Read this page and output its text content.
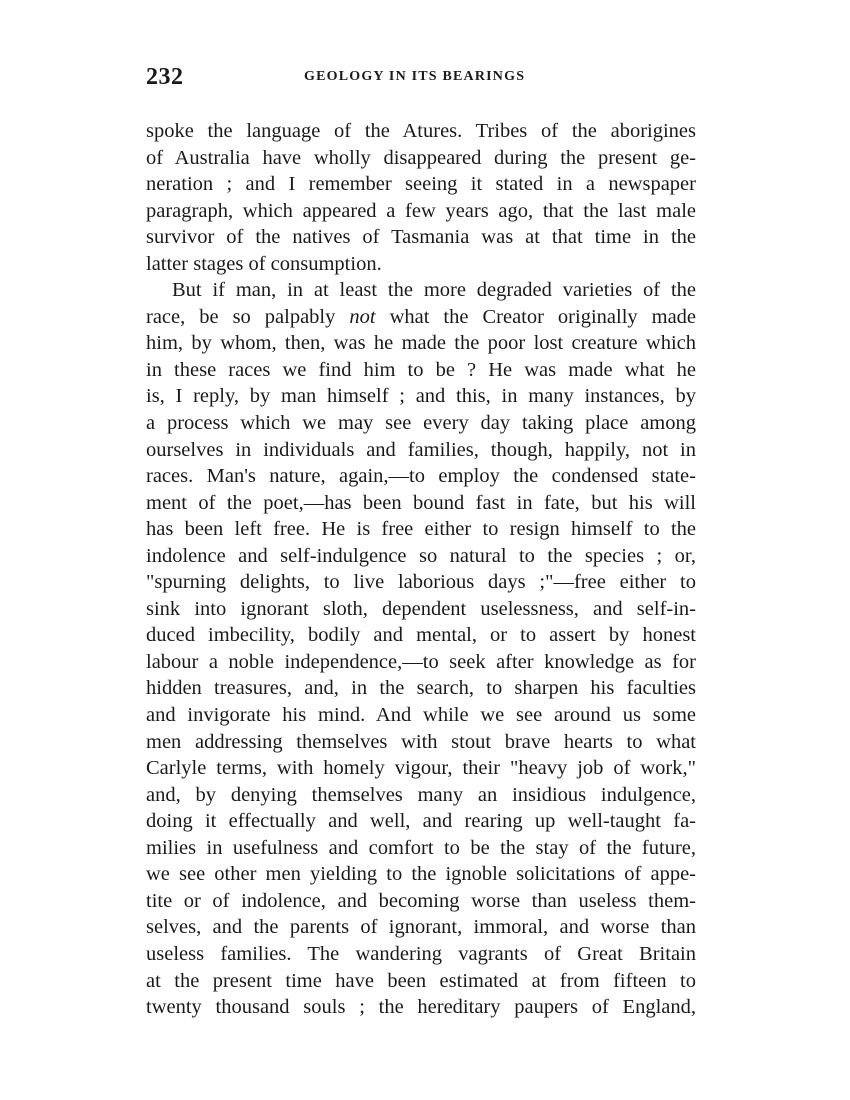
232	GEOLOGY IN ITS BEARINGS
spoke the language of the Atures. Tribes of the aborigines
of Australia have wholly disappeared during the present ge-
neration ; and I remember seeing it stated in a newspaper
paragraph, which appeared a few years ago, that the last male
survivor of the natives of Tasmania was at that time in the
latter stages of consumption.
But if man, in at least the more degraded varieties of the
race, be so palpably not what the Creator originally made
him, by whom, then, was he made the poor lost creature which
in these races we find him to be ? He was made what he
is, I reply, by man himself ; and this, in many instances, by
a process which we may see every day taking place among
ourselves in individuals and families, though, happily, not in
races. Man's nature, again,—to employ the condensed state-
ment of the poet,—has been bound fast in fate, but his will
has been left free. He is free either to resign himself to the
indolence and self-indulgence so natural to the species ; or,
"spurning delights, to live laborious days ;"—free either to
sink into ignorant sloth, dependent uselessness, and self-in-
duced imbecility, bodily and mental, or to assert by honest
labour a noble independence,—to seek after knowledge as for
hidden treasures, and, in the search, to sharpen his faculties
and invigorate his mind. And while we see around us some
men addressing themselves with stout brave hearts to what
Carlyle terms, with homely vigour, their "heavy job of work,"
and, by denying themselves many an insidious indulgence,
doing it effectually and well, and rearing up well-taught fa-
milies in usefulness and comfort to be the stay of the future,
we see other men yielding to the ignoble solicitations of appe-
tite or of indolence, and becoming worse than useless them-
selves, and the parents of ignorant, immoral, and worse than
useless families. The wandering vagrants of Great Britain
at the present time have been estimated at from fifteen to
twenty thousand souls ; the hereditary paupers of England,
